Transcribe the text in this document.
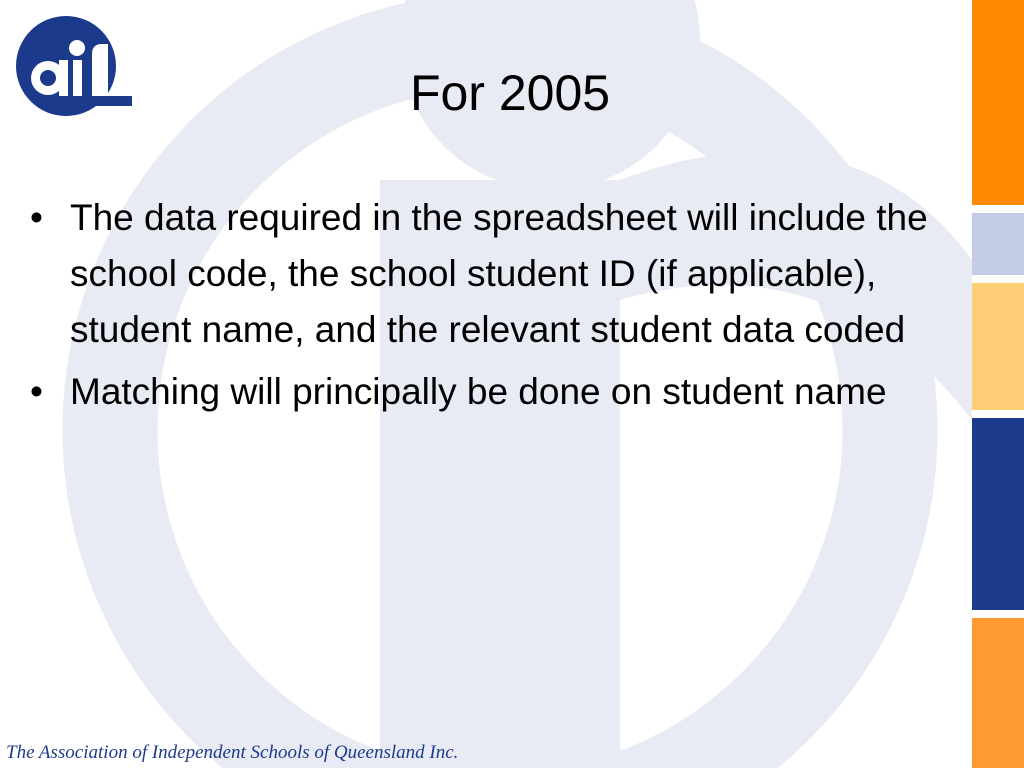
For 2005
• The data required in the spreadsheet will include the school code, the school student ID (if applicable), student name, and the relevant student data coded
• Matching will principally be done on student name
The Association of Independent Schools of Queensland Inc.
